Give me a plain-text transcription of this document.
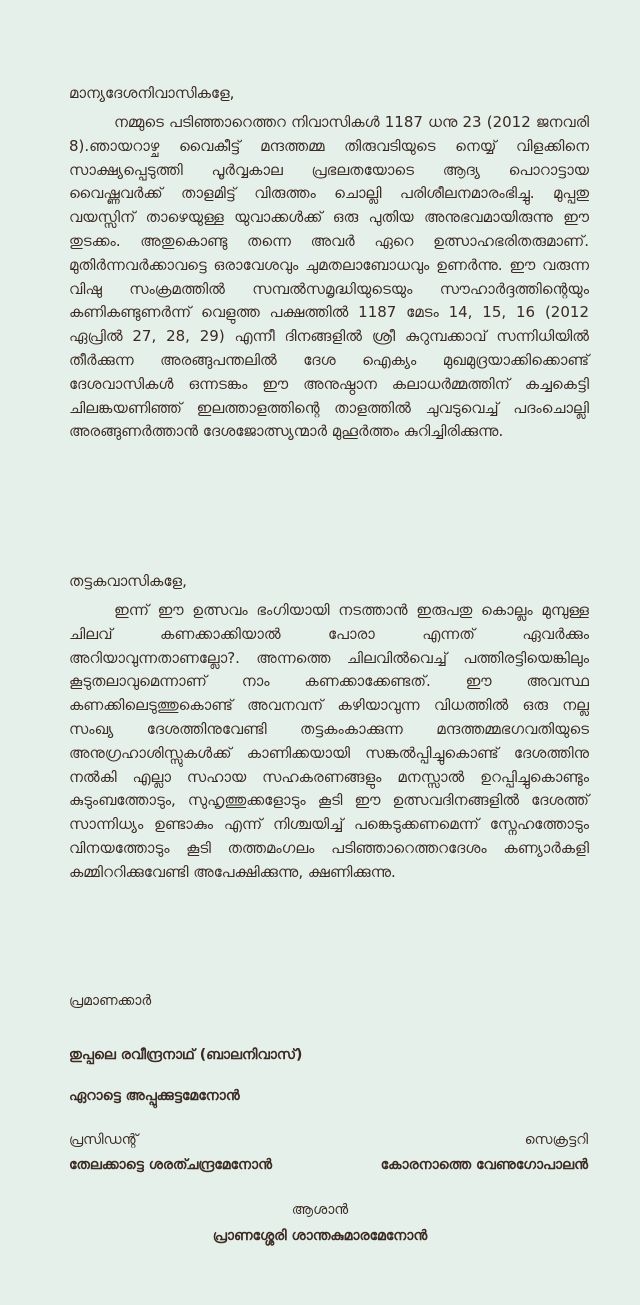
മാന്യദേശനിവാസികളേ,

നമ്മുടെ പടിഞ്ഞാറെത്തറ നിവാസികൾ 1187 ധനു 23 (2012 ജനവരി 8).ഞായറാഴ്ച വൈകീട്ട് മന്ദത്തമ്മ തിരുവടിയുടെ നെയ്യ് വിളക്കിനെ സാക്ഷ്യപ്പെടുത്തി പൂർവ്വകാല പ്രഭലതയോടെ ആദ്യ പൊറാട്ടായ വൈഷ്ണവർക്ക് താളമിട്ട് വിരുത്തം ചൊല്ലി പരിശീലനമാരംഭിച്ചു. മുപ്പതു വയസ്സിന് താഴെയുള്ള യുവാക്കൾക്ക് ഒരു പുതിയ അനുഭവമായിരുന്നു ഈ തുടക്കം. അതുകൊണ്ടു തന്നെ അവർ ഏറെ ഉത്സാഹഭരിതരുമാണ്. മുതിർന്നവർക്കാവട്ടെ ഒരാവേശവും ചുമതലാബോധവും ഉണർന്നു. ഈ വരുന്ന വിഷു സംക്രമത്തിൽ സമ്പൽസമൃദ്ധിയുടെയും സൗഹാർദ്ദത്തിന്റെയും കണികണ്ടുണർന്ന് വെളുത്ത പക്ഷത്തിൽ 1187 മേടം 14, 15, 16 (2012 ഏപ്രിൽ 27, 28, 29) എന്നീ ദിനങ്ങളിൽ ശ്രീ കുറുമ്പക്കാവ് സന്നിധിയിൽ തീർക്കുന്ന അരങ്ങുപന്തലിൽ ദേശ ഐക്യം മുഖമുദ്രയാക്കിക്കൊണ്ട് ദേശവാസികൾ ഒന്നടങ്കം ഈ അനുഷ്ഠാന കലാധർമ്മത്തിന് കച്ചകെട്ടി ചിലങ്കയണിഞ്ഞ് ഇലത്താളത്തിന്റെ താളത്തിൽ ചുവടുവെച്ച് പദംചൊല്ലി അരങ്ങുണർത്താൻ ദേശജോത്സ്യന്മാർ മുഹൂർത്തം കുറിച്ചിരിക്കുന്നു.

തട്ടകവാസികളേ,

ഇന്ന് ഈ ഉത്സവം ഭംഗിയായി നടത്താൻ ഇരുപതു കൊല്ലം മുമ്പുള്ള ചിലവ് കണക്കാക്കിയാൽ പോരാ എന്നത് ഏവർക്കും അറിയാവുന്നതാണല്ലോ?. അന്നത്തെ ചിലവിൽവെച്ച് പത്തിരട്ടിയെങ്കിലും കൂടുതലാവുമെന്നാണ് നാം കണക്കാക്കേണ്ടത്. ഈ അവസ്ഥ കണക്കിലെടുത്തുകൊണ്ട് അവനവന് കഴിയാവുന്ന വിധത്തിൽ ഒരു നല്ല സംഖ്യ ദേശത്തിനുവേണ്ടി തട്ടകംകാക്കുന്ന മന്ദത്തമ്മഭഗവതിയുടെ അനുഗ്രഹാശിസ്സുകൾക്ക് കാണിക്കയായി സങ്കൽപ്പിച്ചുകൊണ്ട് ദേശത്തിനു നൽകി എല്ലാ സഹായ സഹകരണങ്ങളും മനസ്സാൽ ഉറപ്പിച്ചുകൊണ്ടും കുടുംബത്തോടും, സുഹൃത്തുക്കളോടും കൂടി ഈ ഉത്സവദിനങ്ങളിൽ ദേശത്ത് സാന്നിധ്യം ഉണ്ടാകും എന്ന് നിശ്ചയിച്ച് പങ്കെടുക്കണമെന്ന് സ്നേഹത്തോടും വിനയത്തോടും കൂടി തത്തമംഗലം പടിഞ്ഞാറെത്തറദേശം കണ്യാർകളി കമ്മിററിക്കുവേണ്ടി അപേക്ഷിക്കുന്നു, ക്ഷണിക്കുന്നു.

പ്രമാണക്കാർ
തുപ്പലെ രവീന്ദ്രനാഥ് (ബാലനിവാസ്)
ഏറാട്ടെ അപ്പുക്കുട്ടമേനോൻ
പ്രസിഡന്റ്
തേലക്കാട്ടെ ശരത്ചന്ദ്രമേനോൻ
സെക്രട്ടറി
കോരനാത്തെ വേണുഗോപാലൻ
ആശാൻ
പ്രാണശ്ശേരി ശാന്തകുമാരമേനോൻ
